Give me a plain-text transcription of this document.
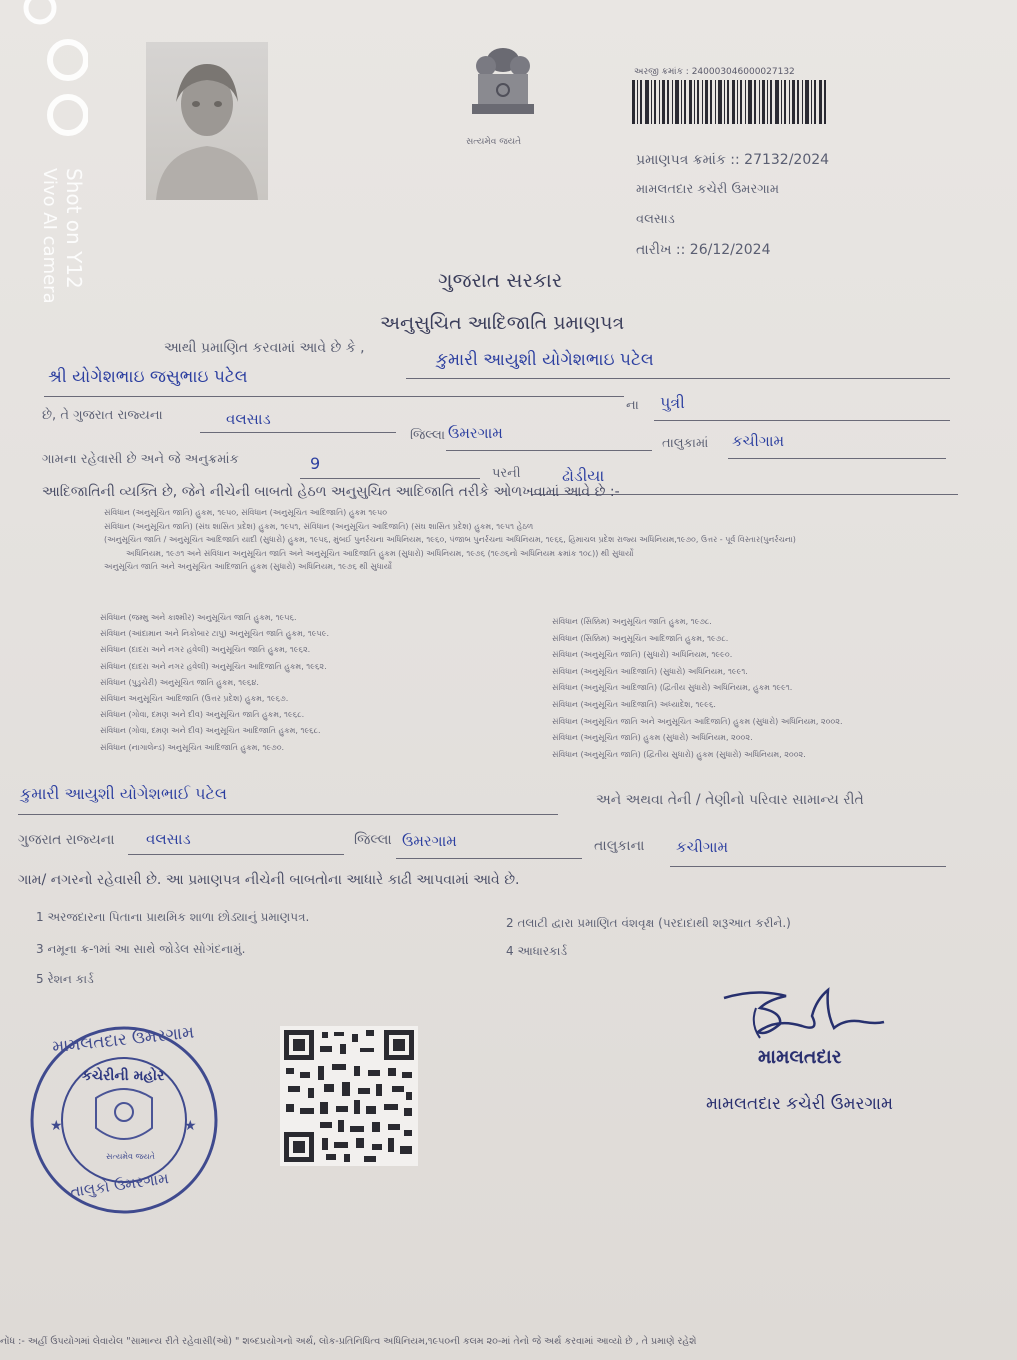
Shot on Y12
Vivo AI camera
સત્યમેવ જયતે
અરજી ક્રમાંક : 240003046000027132
પ્રમાણપત્ર ક્રમાંક :: 27132/2024
મામલતદાર કચેરી ઉમરગામ
વલસાડ
તારીખ :: 26/12/2024
ગુજરાત સરકાર
અનુસુચિત આદિજાતિ પ્રમાણપત્ર
આથી પ્રમાણિત કરવામાં આવે છે કે ,
કુમારી આયુશી યોગેશભાઇ પટેલ
શ્રી યોગેશભાઇ જસુભાઇ પટેલ
ના પુત્રી
છે, તે ગુજરાત રાજ્યના	વલસાડ
જિલ્લા ઉમરગામ
તાલુકામાં કચીગામ
ગામના રહેવાસી છે અને જે અનુક્રમાંક	9
પરની	ઢોડીયા
આદિજાતિની વ્યક્તિ છે, જેને નીચેની બાબતો હેઠળ અનુસુચિત આદિજાતિ તરીકે ઓળખવામાં આવે છે :-
સંવિધાન (અનુસૂચિત જાતિ) હુકમ, ૧૯૫૦, સંવિધાન (અનુસૂચિત આદિજાતિ) હુકમ ૧૯૫૦
સંવિધાન (અનુસૂચિત જાતિ) (સંઘ શાસિત પ્રદેશ) હુકમ, ૧૯૫૧, સંવિધાન (અનુસૂચિત આદિજાતિ) (સંઘ શાસિત પ્રદેશ) હુકમ, ૧૯૫૧ હેઠળ
(અનુસૂચિત જાતિ / અનુસૂચિત આદિજાતિ યાદી (સુધારો) હુકમ, ૧૯૫૬, મુંબઈ પુનર્રચના અધિનિયમ, ૧૯૬૦, પંજાબ પુનર્રચના અધિનિયમ, ૧૯૬૬, હિમાચલ પ્રદેશ રાજ્ય અધિનિયમ,૧૯૭૦, ઉત્તર - પૂર્વ વિસ્તાર(પુનર્રચના)
અધિનિયમ, ૧૯૭૧ અને સંવિધાન અનુસૂચિત જાતિ અને અનુસૂચિત આદિજાતિ હુકમ (સુધારો) અધિનિયમ, ૧૯૭૬ (૧૯૭૬નો અધિનિયમ ક્રમાંક ૧૦૮)) થી સુધાર્યો
અનુસૂચિત જાતિ અને અનુસૂચિત આદિજાતિ હુકમ (સુધારો) અધિનિયમ, ૧૯૭૬ થી સુધાર્યો
સંવિધાન (જમ્મુ અને કાશ્મીર) અનુસૂચિત જાતિ હુકમ, ૧૯૫૬.
સંવિધાન (આંદામાન અને નિકોબાર ટાપુ) અનુસૂચિત જાતિ હુકમ, ૧૯૫૯.
સંવિધાન (દાદરા અને નગર હવેલી) અનુસૂચિત જાતિ હુકમ, ૧૯૬૨.
સંવિધાન (દાદરા અને નગર હવેલી) અનુસૂચિત આદિજાતિ હુકમ, ૧૯૬૨.
સંવિધાન (પુડુચેરી) અનુસૂચિત જાતિ હુકમ, ૧૯૬૪.
સંવિધાન અનુસૂચિત આદિજાતિ (ઉત્તર પ્રદેશ) હુકમ, ૧૯૬૭.
સંવિધાન (ગોવા, દમણ અને દીવ) અનુસૂચિત જાતિ હુકમ, ૧૯૬૮.
સંવિધાન (ગોવા, દમણ અને દીવ) અનુસૂચિત આદિજાતિ હુકમ, ૧૯૬૮.
સંવિધાન (નાગાલેન્ડ) અનુસૂચિત આદિજાતિ હુકમ, ૧૯૭૦.
સંવિધાન (સિક્કિમ) અનુસૂચિત જાતિ હુકમ, ૧૯૭૮.
સંવિધાન (સિક્કિમ) અનુસૂચિત આદિજાતિ હુકમ, ૧૯૭૮.
સંવિધાન (અનુસૂચિત જાતિ) (સુધારો) અધિનિયમ, ૧૯૯૦.
સંવિધાન (અનુસૂચિત આદિજાતિ) (સુધારો) અધિનિયમ, ૧૯૯૧.
સંવિધાન (અનુસૂચિત આદિજાતિ) (દ્વિતીય સુધારો) અધિનિયમ, હુકમ ૧૯૯૧.
સંવિધાન (અનુસૂચિત આદિજાતિ) અધ્યાદેશ, ૧૯૯૬.
સંવિધાન (અનુસૂચિત જાતિ અને અનુસૂચિત આદિજાતિ) હુકમ (સુધારો) અધિનિયમ, ૨૦૦૨.
સંવિધાન (અનુસૂચિત જાતિ) હુકમ (સુધારો) અધિનિયમ, ૨૦૦૨.
સંવિધાન (અનુસૂચિત જાતિ) (દ્વિતીય સુધારો) હુકમ (સુધારો) અધિનિયમ, ૨૦૦૨.
કુમારી આયુશી યોગેશભાઈ પટેલ	અને અથવા તેની / તેણીનો પરિવાર સામાન્ય રીતે
ગુજરાત રાજ્યના વલસાડ	જિલ્લા ઉમરગામ	તાલુકાના કચીગામ
ગામ/ નગરનો રહેવાસી છે. આ પ્રમાણપત્ર નીચેની બાબતોના આધારે કાઢી આપવામાં આવે છે.
1 અરજદારના પિતાના પ્રાથમિક શાળા છોડ્યાનું પ્રમાણપત્ર.	2 તલાટી દ્વારા પ્રમાણિત વંશવૃક્ષ (પરદાદાથી શરૂઆત કરીને.)
3 નમૂના ક્ર-૧માં આ સાથે જોડેલ સોગંદનામું.	4 આધારકાર્ડ
5 રેશન કાર્ડ
★
★
મામલતદાર ઉમરગામ
કચેરીની મહોર
સત્યમેવ જયતે
તાલુકો ઉમરગામ
મામલતદાર
મામલતદાર કચેરી ઉમરગામ
નોંધ :- અહીં ઉપયોગમાં લેવાયેલ "સામાન્ય રીતે રહેવાસી(ઓ) " શબ્દપ્રયોગનો અર્થ, લોક-પ્રતિનિધિત્વ અધિનિયમ,૧૯૫૦ની કલમ ૨૦-માં તેનો જે અર્થ કરવામાં આવ્યો છે , તે પ્રમાણે રહેશે
